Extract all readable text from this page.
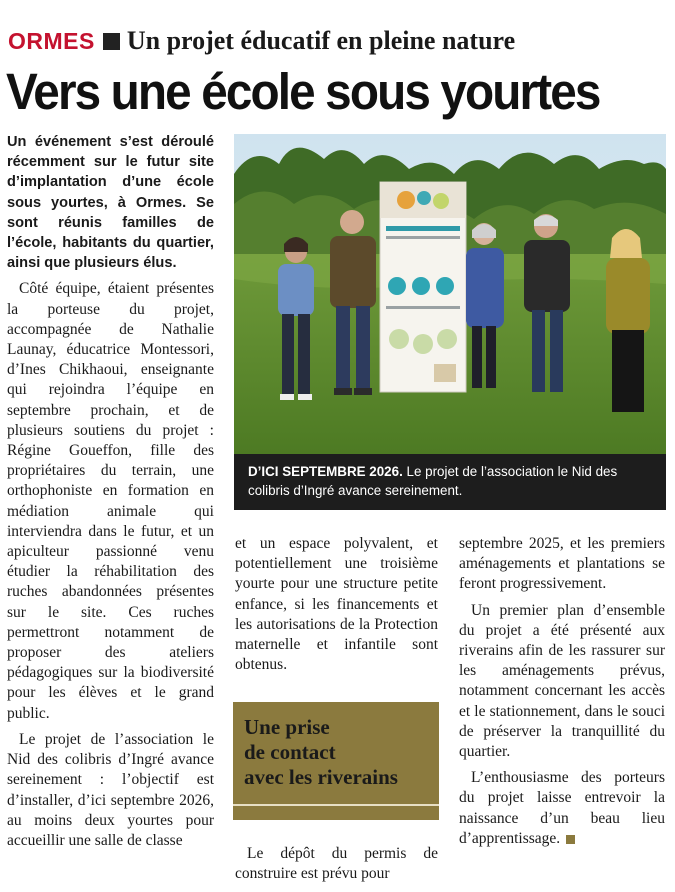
ORMES Un projet éducatif en pleine nature
Vers une école sous yourtes

Un événement s’est déroulé récemment sur le futur site d’implantation d’une école sous yourtes, à Ormes. Se sont réunis familles de l’école, habitants du quartier, ainsi que plusieurs élus.

Côté équipe, étaient présentes la porteuse du projet, accompagnée de Nathalie Launay, éducatrice Montessori, d’Ines Chikhaoui, enseignante qui rejoindra l’équipe en septembre prochain, et de plusieurs soutiens du projet : Régine Goueffon, fille des propriétaires du terrain, une orthophoniste en formation en médiation animale qui interviendra dans le futur, et un apiculteur passionné venu étudier la réhabilitation des ruches abandonnées présentes sur le site. Ces ruches permettront notamment de proposer des ateliers pédagogiques sur la biodiversité pour les élèves et le grand public.

Le projet de l’association le Nid des colibris d’Ingré avance sereinement : l’objectif est d’installer, d’ici septembre 2026, au moins deux yourtes pour accueillir une salle de classe

D’ICI SEPTEMBRE 2026. Le projet de l’association le Nid des colibris d’Ingré avance sereinement.

et un espace polyvalent, et potentiellement une troisième yourte pour une structure petite enfance, si les financements et les autorisations de la Protection maternelle et infantile sont obtenus.

Une prise
de contact
avec les riverains

Le dépôt du permis de construire est prévu pour

septembre 2025, et les premiers aménagements et plantations se feront progressivement.

Un premier plan d’ensemble du projet a été présenté aux riverains afin de les rassurer sur les aménagements prévus, notamment concernant les accès et le stationnement, dans le souci de préserver la tranquillité du quartier.

L’enthousiasme des porteurs du projet laisse entrevoir la naissance d’un beau lieu d’apprentissage.
